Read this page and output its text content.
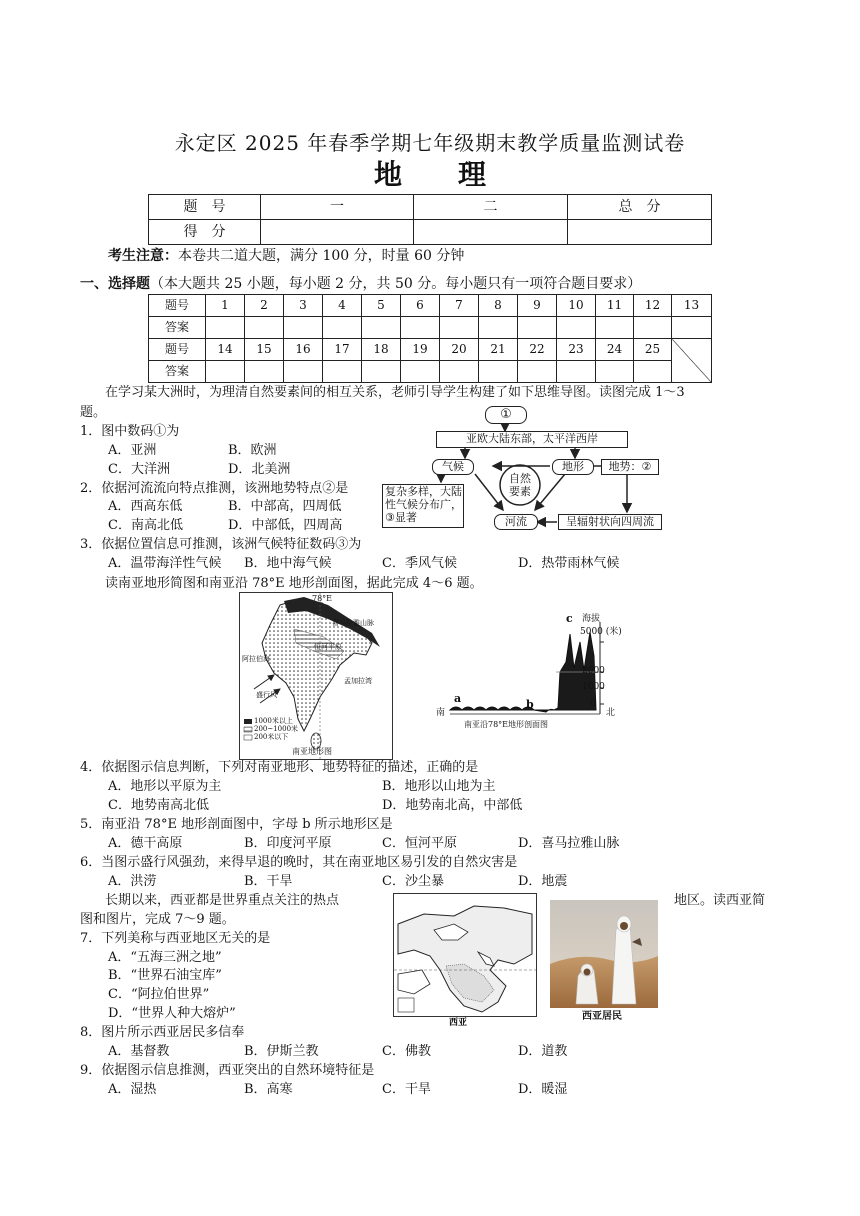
永定区 2025 年春季学期七年级期末教学质量监测试卷
地　　理
题　号	一	二	总　分
得　分			
考生注意：本卷共二道大题，满分 100 分，时量 60 分钟
一、选择题（本大题共 25 小题，每小题 2 分，共 50 分。每小题只有一项符合题目要求）
题号	1	2	3	4	5	6	7	8	9	10	11	12	13
答案													
题号	14	15	16	17	18	19	20	21	22	23	24	25	
答案													
在学习某大洲时，为理清自然要素间的相互关系，老师引导学生构建了如下思维导图。读图完成 1～3
题。	①
亚欧大陆东部，太平洋西岸
气候	地形	地势：②
自然
要素
复杂多样，大陆
性气候分布广，
③显著	河流	呈辐射状向四周流
1．图中数码①为
A．亚洲	B．欧洲
C．大洋洲	D．北美洲
2．依据河流流向特点推测，该洲地势特点②是
A．西高东低	B．中部高，四周低
C．南高北低	D．中部低，四周高
3．依据位置信息可推测，该洲气候特征数码③为
A．温带海洋性气候 B．地中海气候	C．季风气候	D．热带雨林气候
读南亚地形简图和南亚沿 78°E 地形剖面图，据此完成 4～6 题。
78°E
喜马拉雅山脉
恒河平原
阿拉伯海
孟加拉湾
盛行风
1000米以上
200~1000米
200米以下
南亚地形图
c
a	b
海拔
5000 (米)
2000
1000
0
北
南
南亚沿78°E地形剖面图
4．依据图示信息判断，下列对南亚地形、地势特征的描述，正确的是
A．地形以平原为主	B．地形以山地为主
C．地势南高北低	D．地势南北高，中部低
5．南亚沿 78°E 地形剖面图中，字母 b 所示地形区是
A．德干高原	B．印度河平原	C．恒河平原	D．喜马拉雅山脉
6．当图示盛行风强劲，来得早退的晚时，其在南亚地区易引发的自然灾害是
A．洪涝	B．干旱	C．沙尘暴	D．地震
长期以来，西亚都是世界重点关注的热点	地区。读西亚简
图和图片，完成 7～9 题。
西亚
西亚居民
7．下列美称与西亚地区无关的是
A．“五海三洲之地”
B．“世界石油宝库”
C．“阿拉伯世界”
D．“世界人种大熔炉”
8．图片所示西亚居民多信奉
A．基督教	B．伊斯兰教	C．佛教	D．道教
9．依据图示信息推测，西亚突出的自然环境特征是
A．湿热	B．高寒	C．干旱	D．暖湿
